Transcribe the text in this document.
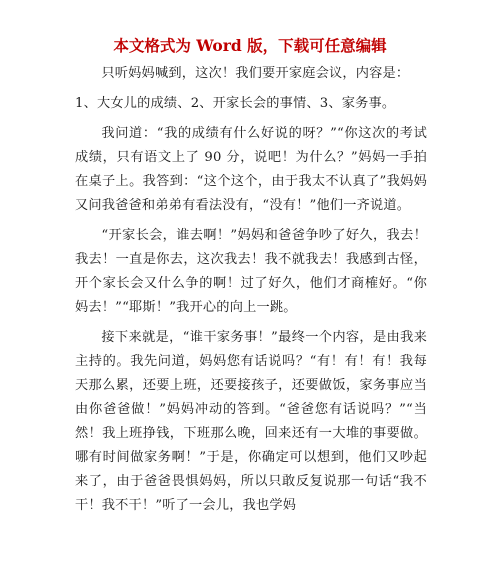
本文格式为 Word 版，下载可任意编辑

只听妈妈喊到，这次！我们要开家庭会议，内容是：

1、大女儿的成绩、2、开家长会的事情、3、家务事。

我问道：“我的成绩有什么好说的呀？”“你这次的考试成绩，只有语文上了 90 分，说吧！为什么？”妈妈一手拍在桌子上。我答到：“这个这个，由于我太不认真了”我妈妈又问我爸爸和弟弟有看法没有，“没有！”他们一齐说道。

“开家长会，谁去啊！”妈妈和爸爸争吵了好久，我去！我去！一直是你去，这次我去！我不就我去！我感到古怪，开个家长会又什么争的啊！过了好久，他们才商榷好。“你妈去！”“耶斯！”我开心的向上一跳。

接下来就是，“谁干家务事！”最终一个内容，是由我来主持的。我先问道，妈妈您有话说吗？“有！有！有！我每天那么累，还要上班，还要接孩子，还要做饭，家务事应当由你爸爸做！”妈妈冲动的答到。“爸爸您有话说吗？”“当然！我上班挣钱，下班那么晚，回来还有一大堆的事要做。哪有时间做家务啊！”于是，你确定可以想到，他们又吵起来了，由于爸爸畏惧妈妈，所以只敢反复说那一句话“我不干！我不干！”听了一会儿，我也学妈
